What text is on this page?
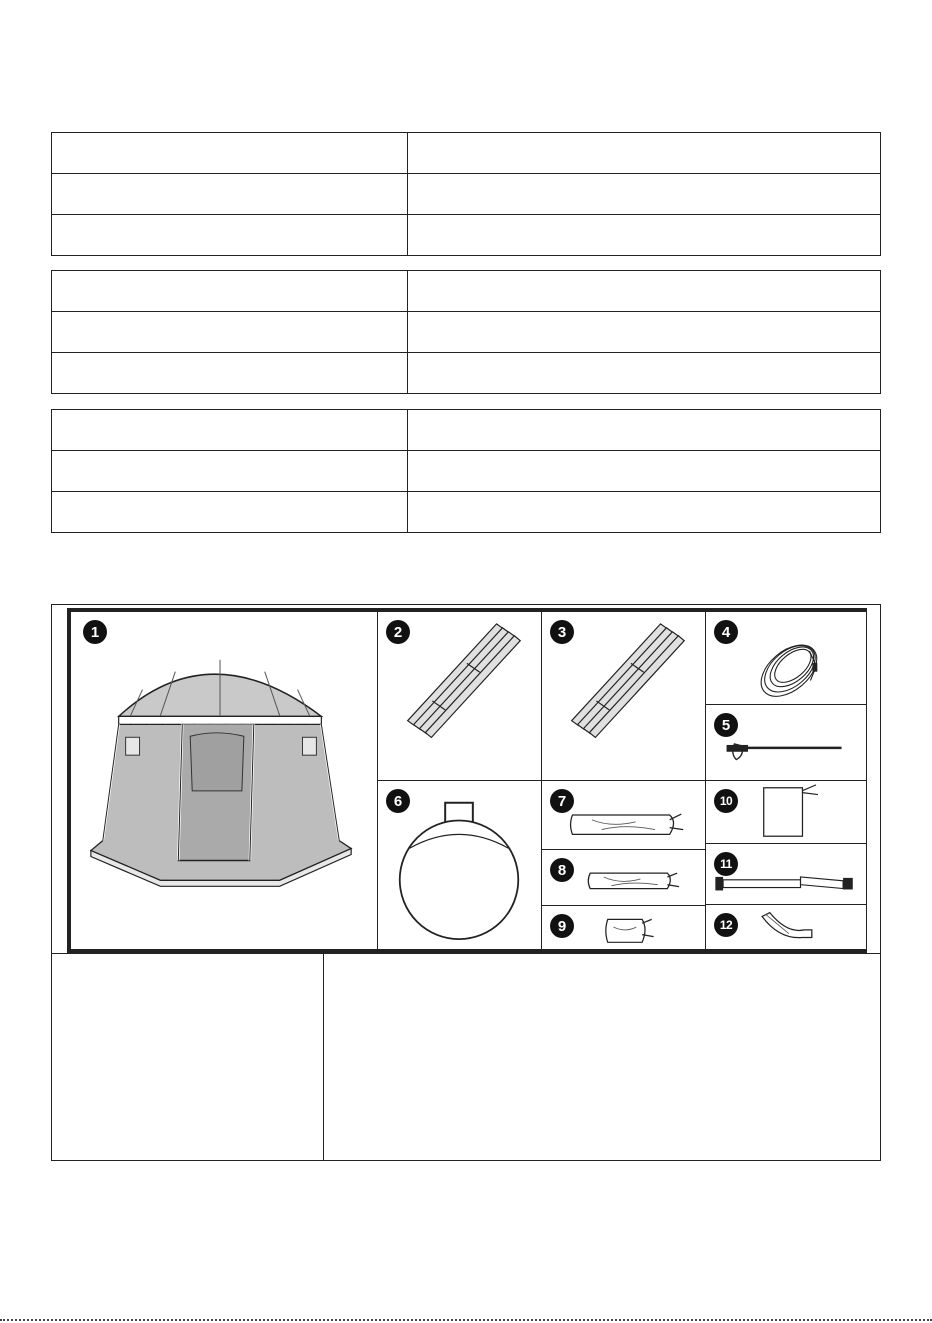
1	2	3	4
5
6	7
8
9
10
11
12
